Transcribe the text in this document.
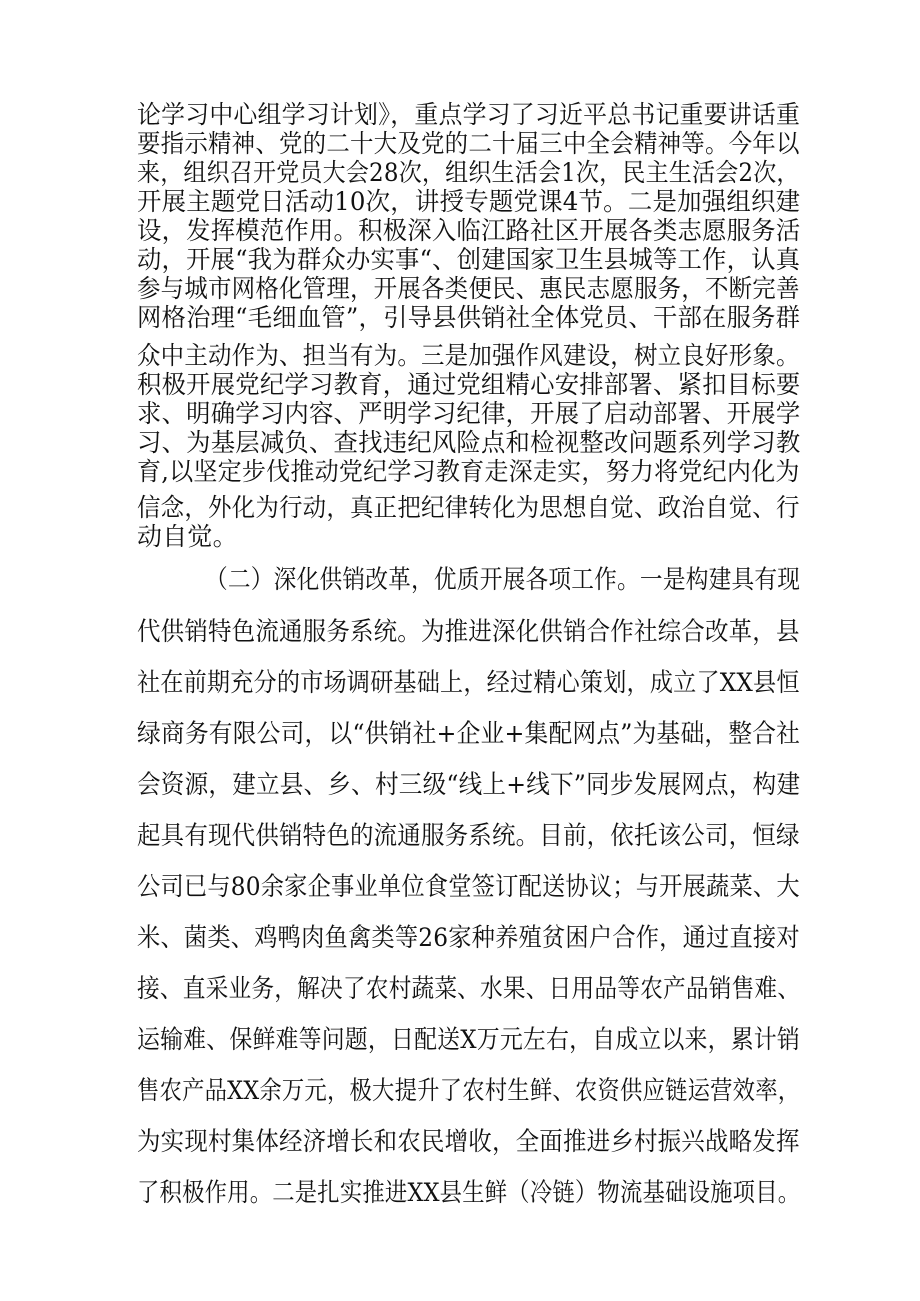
论学习中心组学习计划》，重点学习了习近平总书记重要讲话重
要指示精神、党的二十大及党的二十届三中全会精神等。今年以
来，组织召开党员大会28次，组织生活会1次，民主生活会2次，
开展主题党日活动10次，讲授专题党课4节。二是加强组织建
设，发挥模范作用。积极深入临江路社区开展各类志愿服务活
动，开展“我为群众办实事“、创建国家卫生县城等工作，认真
参与城市网格化管理，开展各类便民、惠民志愿服务，不断完善
网格治理“毛细血管”，引导县供销社全体党员、干部在服务群
众中主动作为、担当有为。三是加强作风建设，树立良好形象。
积极开展党纪学习教育，通过党组精心安排部署、紧扣目标要
求、明确学习内容、严明学习纪律，开展了启动部署、开展学
习、为基层减负、查找违纪风险点和检视整改问题系列学习教
育,以坚定步伐推动党纪学习教育走深走实，努力将党纪内化为
信念，外化为行动，真正把纪律转化为思想自觉、政治自觉、行
动自觉。
（二）深化供销改革，优质开展各项工作。一是构建具有现
代供销特色流通服务系统。为推进深化供销合作社综合改革，县
社在前期充分的市场调研基础上，经过精心策划，成立了XX县恒
绿商务有限公司，以“供销社+企业+集配网点”为基础，整合社
会资源，建立县、乡、村三级“线上+线下”同步发展网点，构建
起具有现代供销特色的流通服务系统。目前，依托该公司，恒绿
公司已与80余家企事业单位食堂签订配送协议；与开展蔬菜、大
米、菌类、鸡鸭肉鱼禽类等26家种养殖贫困户合作，通过直接对
接、直采业务，解决了农村蔬菜、水果、日用品等农产品销售难、
运输难、保鲜难等问题，日配送X万元左右，自成立以来，累计销
售农产品XX余万元，极大提升了农村生鲜、农资供应链运营效率，
为实现村集体经济增长和农民增收，全面推进乡村振兴战略发挥
了积极作用。二是扎实推进XX县生鲜（冷链）物流基础设施项目。
